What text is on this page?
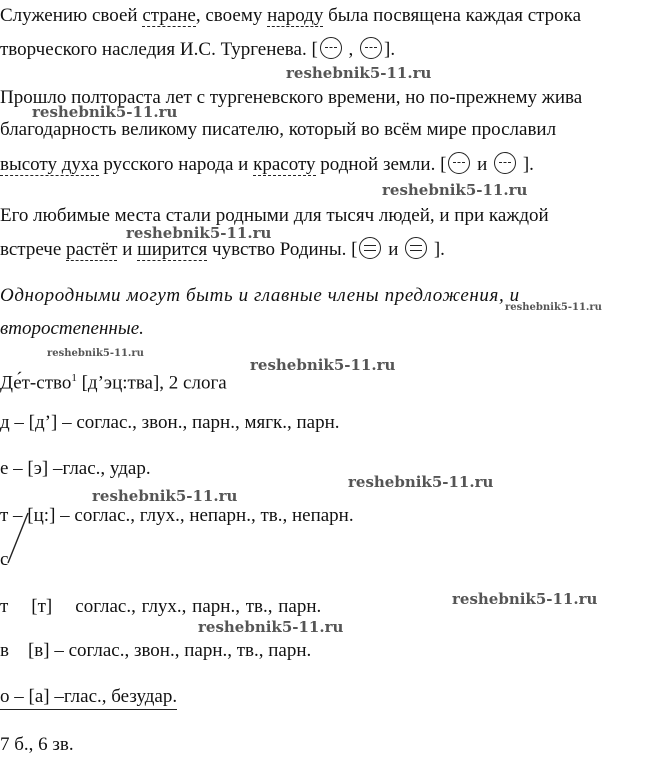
Служению своей стране, своему народу была посвящена каждая строка
творческого наследия И.С. Тургенева. [ , ].
Прошло полтораста лет с тургеневского времени, но по-прежнему жива
благодарность великому писателю, который во всём мире прославил
высоту духа русского народа и красоту родной земли. [ и  ].
Его любимые места стали родными для тысяч людей, и при каждой
встрече растёт и ширится чувство Родины. [ и  ].
Однородными могут быть и главные члены предложения, и
второстепенные.
Де́т-ство$^1$ [д’эц:тва], 2 слога
д – [д’] – соглас., звон., парн., мягк., парн.
е – [э] –глас., удар.
т – [ц:] – соглас., глух., непарн., тв., непарн.
с
т    [т]    соглас., глух., парн., тв., парн.
в    [в] – соглас., звон., парн., тв., парн.
о – [а] –глас., безудар.
7 б., 6 зв.
reshebnik5-11.ru
reshebnik5-11.ru
reshebnik5-11.ru
reshebnik5-11.ru
reshebnik5-11.ru
reshebnik5-11.ru
reshebnik5-11.ru
reshebnik5-11.ru
reshebnik5-11.ru
reshebnik5-11.ru
reshebnik5-11.ru
